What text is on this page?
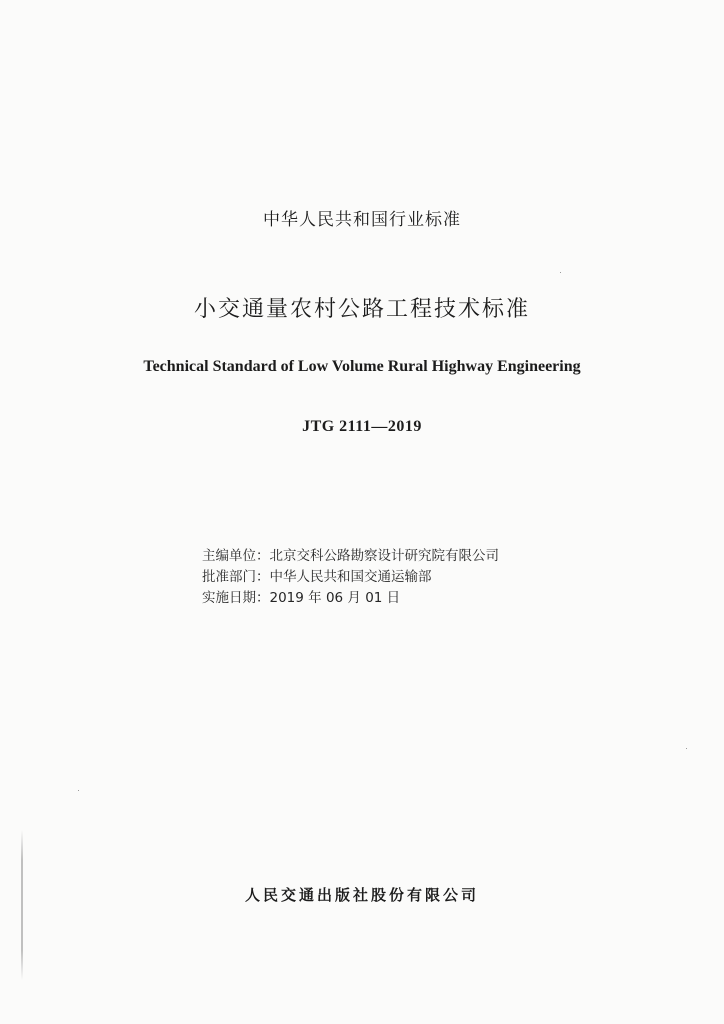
中华人民共和国行业标准
小交通量农村公路工程技术标准
Technical Standard of Low Volume Rural Highway Engineering
JTG 2111—2019
主编单位：北京交科公路勘察设计研究院有限公司
批准部门：中华人民共和国交通运输部
实施日期：2019 年 06 月 01 日
人民交通出版社股份有限公司
